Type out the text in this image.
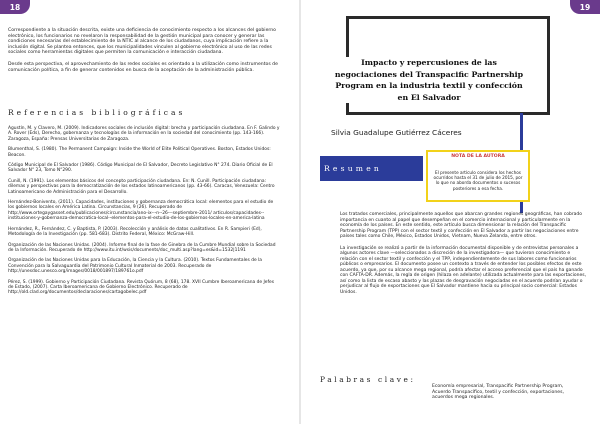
18

Correspondiente a la situación descrita, existe una deficiencia de conocimiento respecto a los alcances del gobierno electrónico, los funcionarios no revelaron la responsabilidad de la gestión municipal para conocer y generar las condiciones necesarias del establecimiento de la NTIC al alcance de los ciudadanos, cuya implicación refiere a la inclusión digital. Se plantea entonces, que los municipalidades vinculen al gobierno electrónico al uso de las redes sociales como herramientas digitales que permiten la comunicación e interacción ciudadana.

Desde esta perspectiva, el aprovechamiento de las redes sociales es orientado a la utilización como instrumentos de comunicación política, a fin de generar contenidos en busca de la aceptación de la administración pública.

Referencias bibliográficas

Agustín, M. y Clavero, M. (2009). Indicadores sociales de inclusión digital: brecha y participación ciudadana. En F. Galindo y A. Rover (Eds), Derecho, gobernanza y tecnologías de la información en la sociedad del conocimiento (pp. 143-166). Zaragoza, España: Prensas Universitarias de Zaragoza.

Blumenthal, S. (1980). The Permanent Campaign: Inside the World of Elite Political Operatives. Boston, Estados Unidos: Beacon.

Código Municipal de El Salvador (1986). Código Municipal de El Salvador, Decreto Legislativo N° 274. Diario Oficial de El Salvador N° 23, Tomo N°290.

Cunill, N. (1991). Los elementos básicos del concepto participación ciudadana. En: N. Cunill. Participación ciudadana: dilemas y perspectivas para la democratización de los estados latinoamericanos (pp. 43-66). Caracas, Venezuela: Centro Latinoamericano de Administración para el Desarrollo.

Hernández-Bonivento, (2011). Capacidades, instituciones y gobernanza democrática local: elementos para el estudio de los gobiernos locales en América Latina. Circunstancias, 9 (26). Recuperado de http://www.ortegaygasset.edu/publicaciones/circunstancia/ano-ix---n--26---septiembre-2011/ articulos/capacidades--instituciones-y-gobernanza-democratica-local--elementos-para-el-estudio-de-los-gobiernos-locales-en-america-latina

Hernández, R., Fernández, C. y Baptista, P. (2003). Recolección y análisis de datos cualitativos. En R. Sampieri (Ed), Metodología de la Investigación (pp. 581-683). Distrito Federal, México: McGraw-Hill.

Organización de las Naciones Unidas. (2004). Informe final de la fase de Ginebra de la Cumbre Mundial sobre la Sociedad de la Información. Recuperado de http://www.itu.int/wsis/documents/doc_multi.asp?lang=es&id=1532|1191

Organización de las Naciones Unidas para la Educación, la Ciencia y la Cultura. (2010). Textos Fundamentales de la Convención para la Salvaguardia del Patrimonio Cultural Inmaterial de 2003. Recuperado de http://unesdoc.unesco.org/images/0018/001897/189761o.pdf

Pérez, S. (1999). Gobierno y Participación Ciudadana. Revista Quórum, 8 (68), 178. XVII Cumbre Iberoamericana de Jefes de Estado, (2007). Carta Iberoamericana de Gobierno Electrónico. Recuperado de http://old.clad.org/documentos/declaraciones/cartagobelec.pdf

19
Impacto y repercusiones de las negociaciones del Transpacific Partnership Program en la industria textil y confección en El Salvador
Silvia Guadalupe Gutiérrez Cáceres
Resumen
NOTA DE LA AUTORA
El presente artículo considera los hechos ocurridos hasta el 31 de julio de 2015, por lo que no aborda documentos o sucesos posteriores a esa fecha.

Los tratados comerciales, principalmente aquellos que abarcan grandes regiones geográficas, han cobrado importancia en cuanto al papel que desempeñan en el comercio internacional y particularmente en la economía de los países. En este sentido, este artículo busca dimensionar la relación del Transpacific Partnership Program (TPP) con el sector textil y confección en El Salvador a partir las negociaciones entre países tales como Chile, México, Estados Unidos, Vietnam, Nueva Zelanda, entre otros.

La investigación se realizó a partir de la información documental disponible y de entrevistas personales a algunos actores clave —seleccionados a discreción de la investigadora— que tuvieron conocimiento e relación con el sector textil y confección y el TPP, independientemente de sus labores como funcionarios públicos o empresarios. El documento posee un contexto a través de entender los posibles efectos de este acuerdo, ya que, por su alcance mega regional, podría afectar el acceso preferencial que el país ha ganado con CAFTA-DR. Además, la regla de origen (hilaza en adelante) utilizada actualmente para las exportaciones, así como la lista de escaso abasto y las plazas de desgravación negociadas en el acuerdo podrían ayudar o perjudicar al flujo de exportaciones que El Salvador mantiene hacia su principal socio comercial: Estados Unidos.

Palabras clave:
Economía empresarial, Transpacific Partnership Program, Acuerdo Transpacífico, textil y confección, exportaciones, acuerdos mega regionales.
